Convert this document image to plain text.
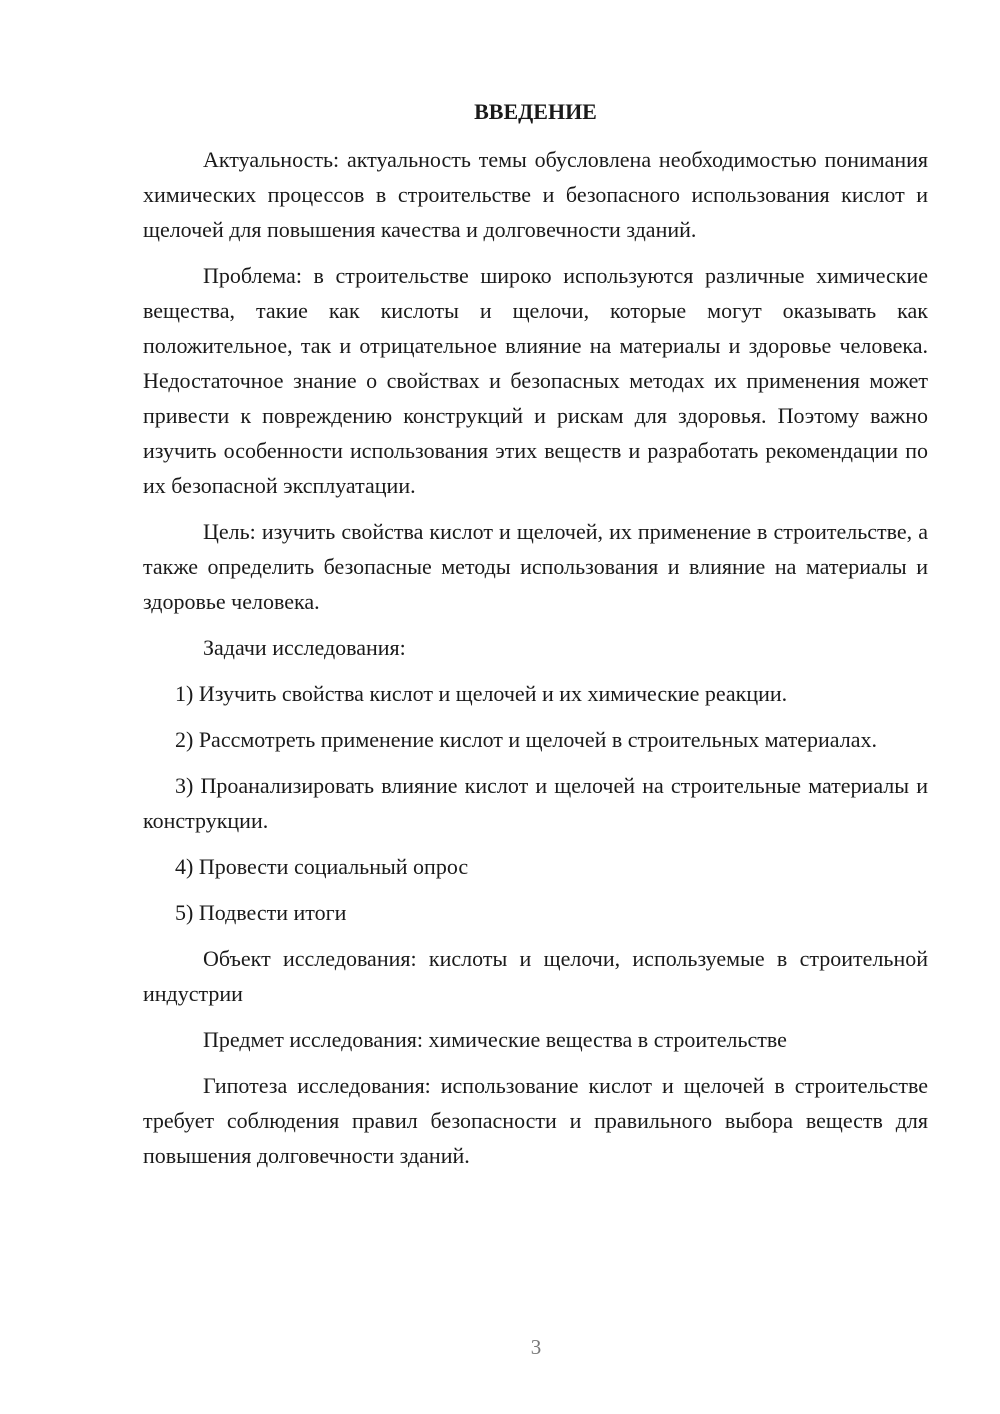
ВВЕДЕНИЕ

Актуальность: актуальность темы обусловлена необходимостью понимания химических процессов в строительстве и безопасного использования кислот и щелочей для повышения качества и долговечности зданий.

Проблема: в строительстве широко используются различные химические вещества, такие как кислоты и щелочи, которые могут оказывать как положительное, так и отрицательное влияние на материалы и здоровье человека. Недостаточное знание о свойствах и безопасных методах их применения может привести к повреждению конструкций и рискам для здоровья. Поэтому важно изучить особенности использования этих веществ и разработать рекомендации по их безопасной эксплуатации.

Цель: изучить свойства кислот и щелочей, их применение в строительстве, а также определить безопасные методы использования и влияние на материалы и здоровье человека.

Задачи исследования:

1) Изучить свойства кислот и щелочей и их химические реакции.

2) Рассмотреть применение кислот и щелочей в строительных материалах.

3) Проанализировать влияние кислот и щелочей на строительные материалы и конструкции.

4) Провести социальный опрос

5) Подвести итоги

Объект исследования: кислоты и щелочи, используемые в строительной индустрии

Предмет исследования: химические вещества в строительстве

Гипотеза исследования: использование кислот и щелочей в строительстве требует соблюдения правил безопасности и правильного выбора веществ для повышения долговечности зданий.

3
